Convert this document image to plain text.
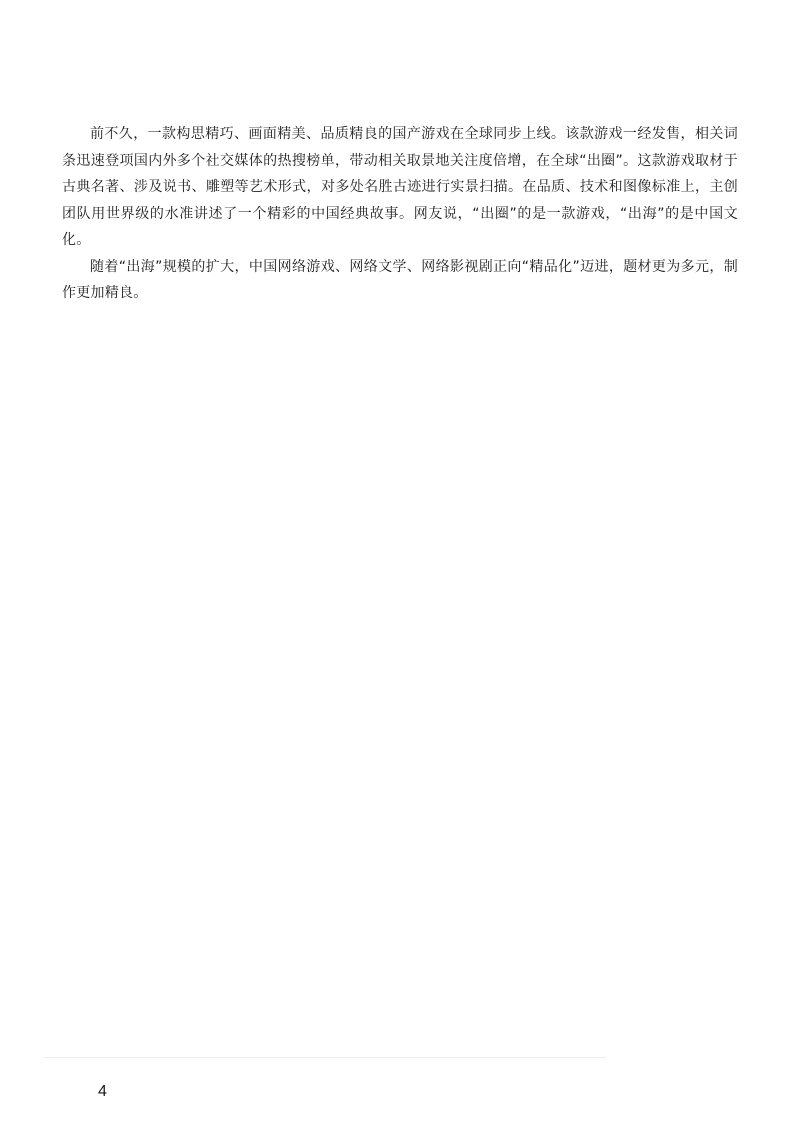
前不久，一款构思精巧、画面精美、品质精良的国产游戏在全球同步上线。该款游戏一经发售，相关词条迅速登项国内外多个社交媒体的热搜榜单，带动相关取景地关注度倍增，在全球“出圈”。这款游戏取材于古典名著、涉及说书、雕塑等艺术形式，对多处名胜古迹进行实景扫描。在品质、技术和图像标准上，主创团队用世界级的水准讲述了一个精彩的中国经典故事。网友说，“出圈”的是一款游戏，“出海”的是中国文化。

随着“出海”规模的扩大，中国网络游戏、网络文学、网络影视剧正向“精品化”迈进，题材更为多元，制作更加精良。

4
